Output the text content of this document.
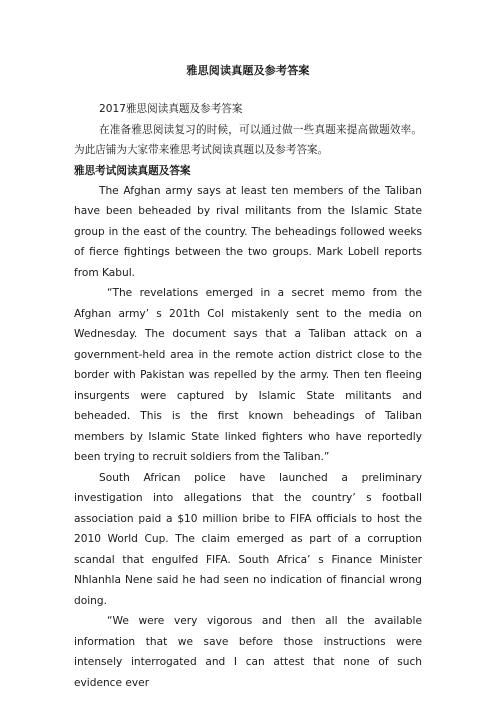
雅思阅读真题及参考答案

2017雅思阅读真题及参考答案

在准备雅思阅读复习的时候，可以通过做一些真题来提高做题效率。为此店铺为大家带来雅思考试阅读真题以及参考答案。

雅思考试阅读真题及答案

The Afghan army says at least ten members of the Taliban have been beheaded by rival militants from the Islamic State group in the east of the country. The beheadings followed weeks of fierce fightings between the two groups. Mark Lobell reports from Kabul.

“The revelations emerged in a secret memo from the Afghan army’ s 201th Col mistakenly sent to the media on Wednesday. The document says that a Taliban attack on a government-held area in the remote action district close to the border with Pakistan was repelled by the army. Then ten fleeing insurgents were captured by Islamic State militants and beheaded. This is the first known beheadings of Taliban members by Islamic State linked fighters who have reportedly been trying to recruit soldiers from the Taliban.”

South African police have launched a preliminary investigation into allegations that the country’ s football association paid a $10 million bribe to FIFA officials to host the 2010 World Cup. The claim emerged as part of a corruption scandal that engulfed FIFA. South Africa’ s Finance Minister Nhlanhla Nene said he had seen no indication of financial wrong doing.

“We were very vigorous and then all the available information that we save before those instructions were intensely interrogated and I can attest that none of such evidence ever
